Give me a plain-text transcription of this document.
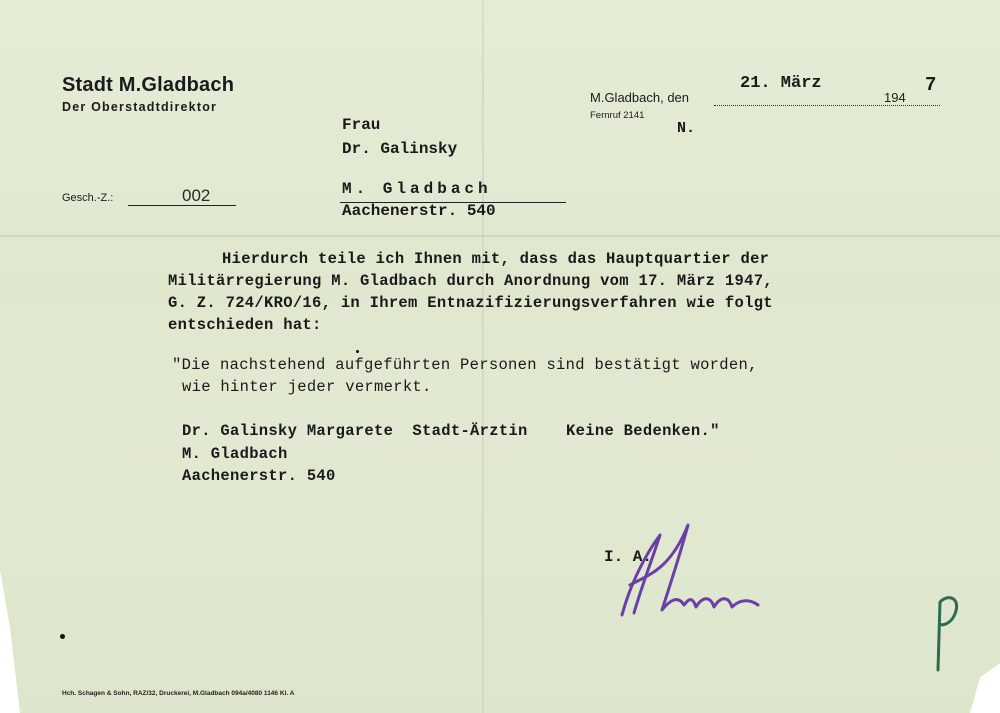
Stadt M.Gladbach
Der Oberstadtdirektor
M.Gladbach, den
21. März
194
7
Fernruf 2141
N.
Frau
Dr. Galinsky
M. Gladbach
Aachenerstr. 540
Gesch.-Z.:	002
Hierdurch teile ich Ihnen mit, dass das Hauptquartier der
Militärregierung M. Gladbach durch Anordnung vom 17. März 1947,
G. Z. 724/KRO/16, in Ihrem Entnazifizierungsverfahren wie folgt
entschieden hat:
"Die nachstehend aufgeführten Personen sind bestätigt worden,
wie hinter jeder vermerkt.
Dr. Galinsky Margarete  Stadt-Ärztin    Keine Bedenken."
M. Gladbach
Aachenerstr. 540
I. A.
Hch. Schagen & Sohn, RAZ/32, Druckerei, M.Gladbach 094a/4080 1146 Kl. A
